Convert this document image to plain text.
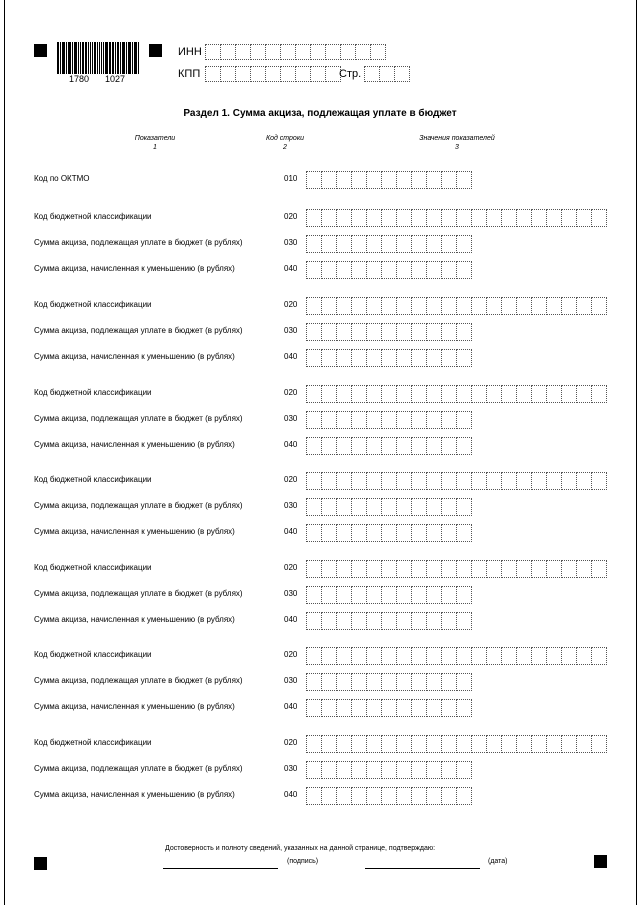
1780 1027
ИНН
КПП	Стр.
Раздел 1. Сумма акциза, подлежащая уплате в бюджет
Показатели
1
Код строки
2
Значения показателей
3
Код по ОКТМО	010
Код бюджетной классификации	020
Сумма акциза, подлежащая уплате в бюджет (в рублях)	030
Сумма акциза, начисленная к уменьшению (в рублях)	040
Код бюджетной классификации	020
Сумма акциза, подлежащая уплате в бюджет (в рублях)	030
Сумма акциза, начисленная к уменьшению (в рублях)	040
Код бюджетной классификации	020
Сумма акциза, подлежащая уплате в бюджет (в рублях)	030
Сумма акциза, начисленная к уменьшению (в рублях)	040
Код бюджетной классификации	020
Сумма акциза, подлежащая уплате в бюджет (в рублях)	030
Сумма акциза, начисленная к уменьшению (в рублях)	040
Код бюджетной классификации	020
Сумма акциза, подлежащая уплате в бюджет (в рублях)	030
Сумма акциза, начисленная к уменьшению (в рублях)	040
Код бюджетной классификации	020
Сумма акциза, подлежащая уплате в бюджет (в рублях)	030
Сумма акциза, начисленная к уменьшению (в рублях)	040
Код бюджетной классификации	020
Сумма акциза, подлежащая уплате в бюджет (в рублях)	030
Сумма акциза, начисленная к уменьшению (в рублях)	040
Достоверность и полноту сведений, указанных на данной странице, подтверждаю:
(подпись)	(дата)
